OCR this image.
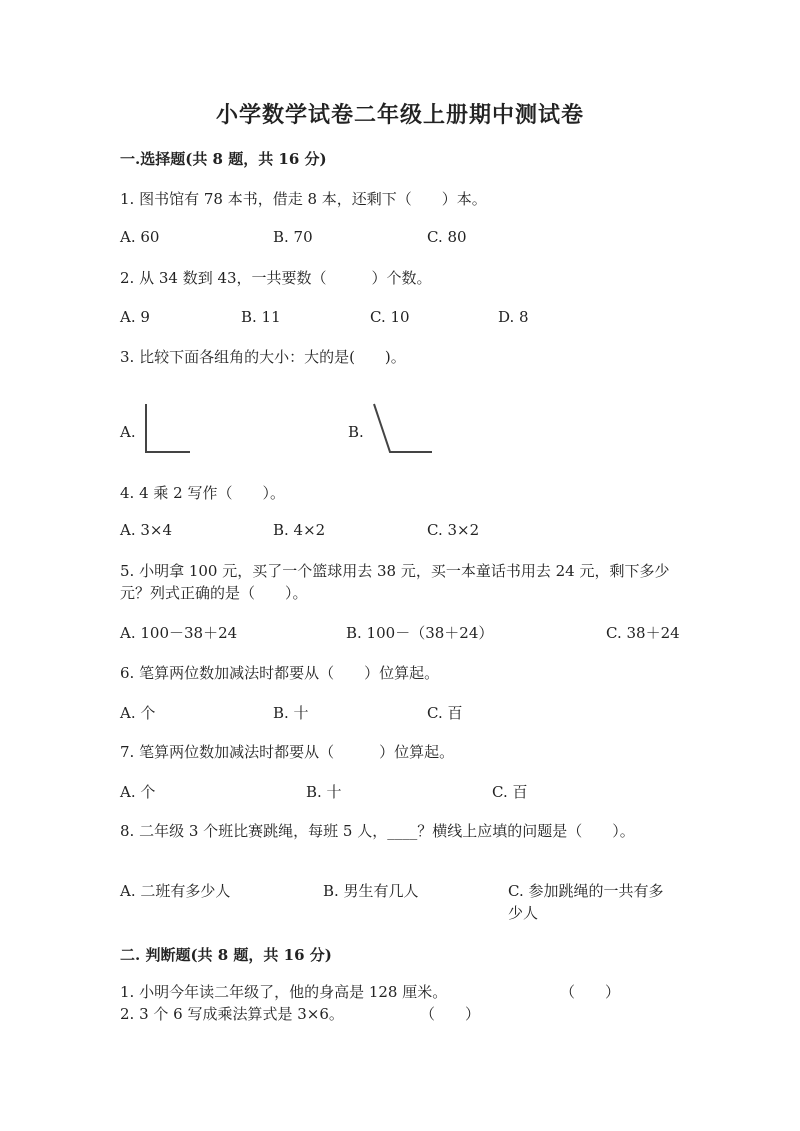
小学数学试卷二年级上册期中测试卷
一.选择题(共 8 题，共 16 分)
1. 图书馆有 78 本书，借走 8 本，还剩下（　　）本。
A. 60	B. 70	C. 80
2. 从 34 数到 43，一共要数（　　　）个数。
A. 9	B. 11	C. 10	D. 8
3. 比较下面各组角的大小：大的是(　　)。
A.	B.
4. 4 乘 2 写作（　　）。
A. 3×4	B. 4×2	C. 3×2
5. 小明拿 100 元，买了一个篮球用去 38 元，买一本童话书用去 24 元，剩下多少元？列式正确的是（　　）。
A. 100－38＋24	B. 100－（38＋24）	C. 38＋24
6. 笔算两位数加减法时都要从（　　）位算起。
A. 个	B. 十	C. 百
7. 笔算两位数加减法时都要从（　　　）位算起。
A. 个	B. 十	C. 百
8. 二年级 3 个班比赛跳绳，每班 5 人，____？横线上应填的问题是（　　）。
A. 二班有多少人	B. 男生有几人	C. 参加跳绳的一共有多少人
二. 判断题(共 8 题，共 16 分)
1. 小明今年读二年级了，他的身高是 128 厘米。	（　　）
2. 3 个 6 写成乘法算式是 3×6。	（　　）
